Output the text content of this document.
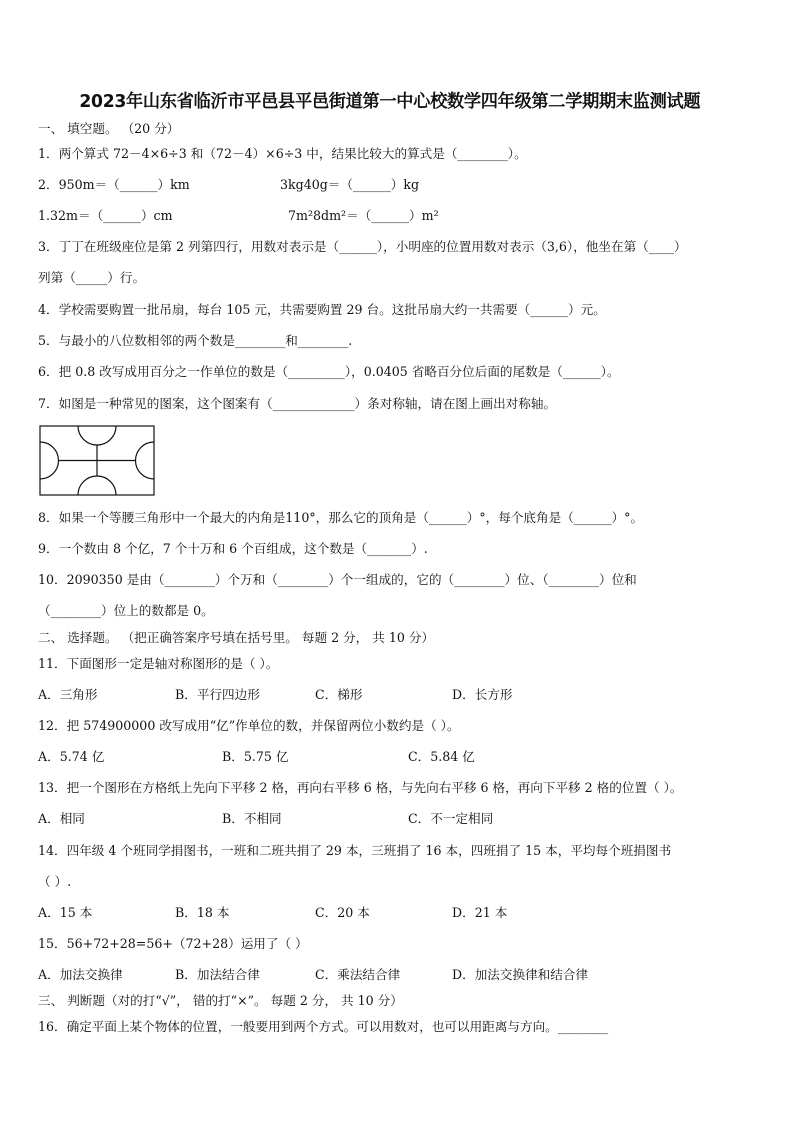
2023年山东省临沂市平邑县平邑街道第一中心校数学四年级第二学期期末监测试题
一、 填空题。 （20 分）
1．两个算式 72－4×6÷3 和（72－4）×6÷3 中，结果比较大的算式是（________）。
2．950m＝（______）km	3kg40g＝（______）kg
1.32m＝（______）cm	7m²8dm²＝（______）m²
3．丁丁在班级座位是第 2 列第四行，用数对表示是（______），小明座的位置用数对表示（3,6），他坐在第（____）
列第（_____）行。
4．学校需要购置一批吊扇，每台 105 元，共需要购置 29 台。这批吊扇大约一共需要（______）元。
5．与最小的八位数相邻的两个数是________和________.
6．把 0.8 改写成用百分之一作单位的数是（_________），0.0405 省略百分位后面的尾数是（______）。
7．如图是一种常见的图案，这个图案有（_____________）条对称轴，请在图上画出对称轴。
8．如果一个等腰三角形中一个最大的内角是110°，那么它的顶角是（______）°，每个底角是（______）°。
9．一个数由 8 个亿，7 个十万和 6 个百组成，这个数是（_______）.
10．2090350 是由（________）个万和（________）个一组成的，它的（________）位、（________）位和
（________）位上的数都是 0。
二、 选择题。 （把正确答案序号填在括号里。 每题 2 分， 共 10 分）
11．下面图形一定是轴对称图形的是（ ）。
A．三角形	B．平行四边形	C．梯形	D．长方形
12．把 574900000 改写成用“亿”作单位的数，并保留两位小数约是（ ）。
A．5.74 亿	B．5.75 亿	C．5.84 亿
13．把一个图形在方格纸上先向下平移 2 格，再向右平移 6 格，与先向右平移 6 格，再向下平移 2 格的位置（ ）。
A．相同	B．不相同	C．不一定相同
14．四年级 4 个班同学捐图书，一班和二班共捐了 29 本，三班捐了 16 本，四班捐了 15 本，平均每个班捐图书
（ ）.
A．15 本	B．18 本	C．20 本	D．21 本
15．56+72+28=56+（72+28）运用了（ ）
A．加法交换律	B．加法结合律	C．乘法结合律	D．加法交换律和结合律
三、 判断题（对的打“√”， 错的打“×”。 每题 2 分， 共 10 分）
16．确定平面上某个物体的位置，一般要用到两个方式。可以用数对，也可以用距离与方向。________
